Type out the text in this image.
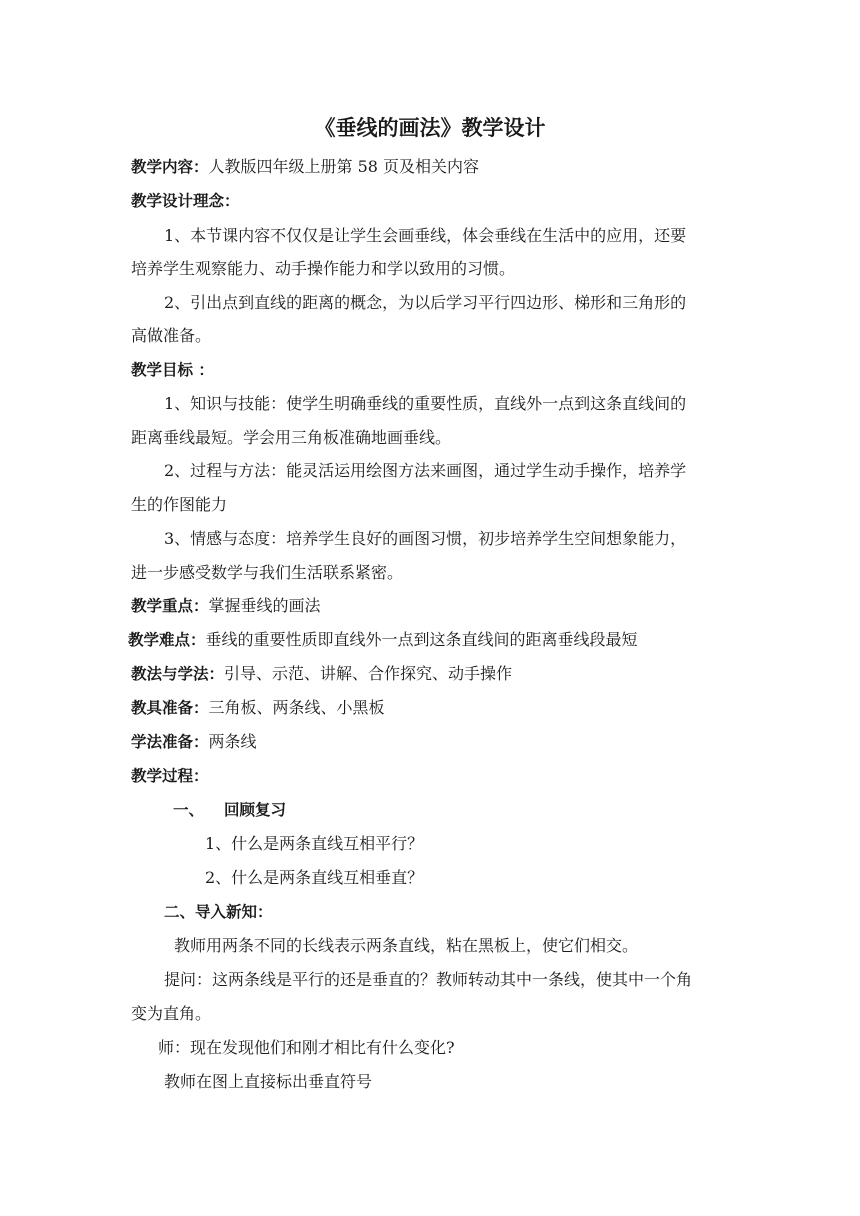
《垂线的画法》教学设计
教学内容：人教版四年级上册第 58 页及相关内容
教学设计理念：
1、本节课内容不仅仅是让学生会画垂线，体会垂线在生活中的应用，还要
培养学生观察能力、动手操作能力和学以致用的习惯。
2、引出点到直线的距离的概念，为以后学习平行四边形、梯形和三角形的
高做准备。
教学目标 ：
1、知识与技能：使学生明确垂线的重要性质，直线外一点到这条直线间的
距离垂线最短。学会用三角板准确地画垂线。
2、过程与方法：能灵活运用绘图方法来画图，通过学生动手操作，培养学
生的作图能力
3、情感与态度：培养学生良好的画图习惯，初步培养学生空间想象能力，
进一步感受数学与我们生活联系紧密。
教学重点：掌握垂线的画法
教学难点：垂线的重要性质即直线外一点到这条直线间的距离垂线段最短
教法与学法：引导、示范、讲解、合作探究、动手操作
教具准备：三角板、两条线、小黑板
学法准备：两条线
教学过程：
一、 回顾复习
1、什么是两条直线互相平行？
2、什么是两条直线互相垂直？
二、导入新知：
教师用两条不同的长线表示两条直线，粘在黑板上，使它们相交。
提问：这两条线是平行的还是垂直的？教师转动其中一条线，使其中一个角
变为直角。
师：现在发现他们和刚才相比有什么变化?
教师在图上直接标出垂直符号
